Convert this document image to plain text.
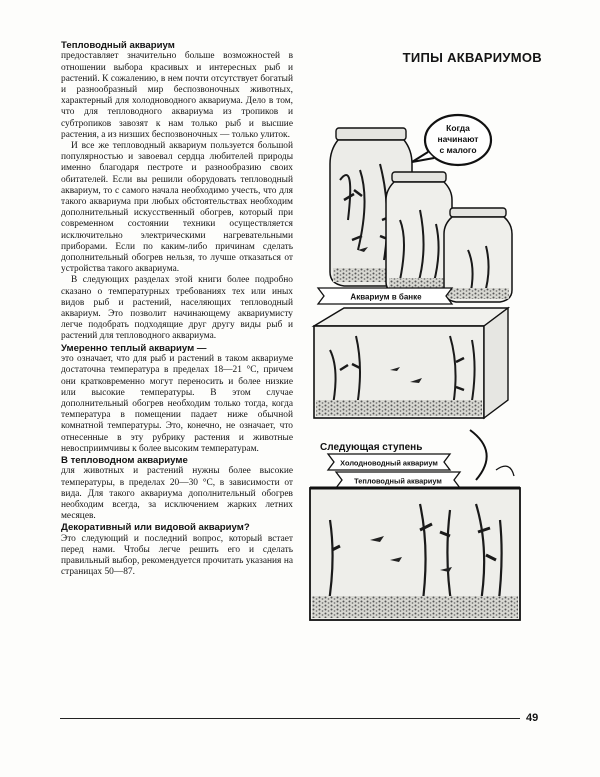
ТИПЫ АКВАРИУМОВ
Тепловодный аквариум

предоставляет значительно больше возможностей в отношении выбора красивых и интересных рыб и растений. К сожалению, в нем почти отсутствует богатый и разнообразный мир беспозвоночных животных, характерный для холодноводного аквариума. Дело в том, что для тепловодного аквариума из тропиков и субтропиков завозят к нам только рыб и высшие растения, а из низших беспозвоночных — только улиток.

И все же тепловодный аквариум пользуется большой популярностью и завоевал сердца любителей природы именно благодаря пестроте и разнообразию своих обитателей. Если вы решили оборудовать тепловодный аквариум, то с самого начала необходимо учесть, что для такого аквариума при любых обстоятельствах необходим дополнительный искусственный обогрев, который при современном состоянии техники осуществляется исключительно электрическими нагревательными приборами. Если по каким-либо причинам сделать дополнительный обогрев нельзя, то лучше отказаться от устройства такого аквариума.

В следующих разделах этой книги более подробно сказано о температурных требованиях тех или иных видов рыб и растений, населяющих тепловодный аквариум. Это позволит начинающему аквариумисту легче подобрать подходящие друг другу виды рыб и растений для тепловодного аквариума.

Умеренно теплый аквариум —

это означает, что для рыб и растений в таком аквариуме достаточна температура в пределах 18—21 °C, причем они кратковременно могут переносить и более низкие или высокие температуры. В этом случае дополнительный обогрев необходим только тогда, когда температура в помещении падает ниже обычной комнатной температуры. Это, конечно, не означает, что отнесенные в эту рубрику растения и животные невосприимчивы к более высоким температурам.

В тепловодном аквариуме

для животных и растений нужны более высокие температуры, в пределах 20—30 °C, в зависимости от вида. Для такого аквариума дополнительный обогрев необходим всегда, за исключением жарких летних месяцев.

Декоративный или видовой аквариум?

Это следующий и последний вопрос, который встает перед нами. Чтобы легче решить его и сделать правильный выбор, рекомендуется прочитать указания на страницах 50—87.

Когда
начинают
с малого
Аквариум в банке
Следующая ступень
Холодноводный аквариум
Тепловодный аквариум
49
